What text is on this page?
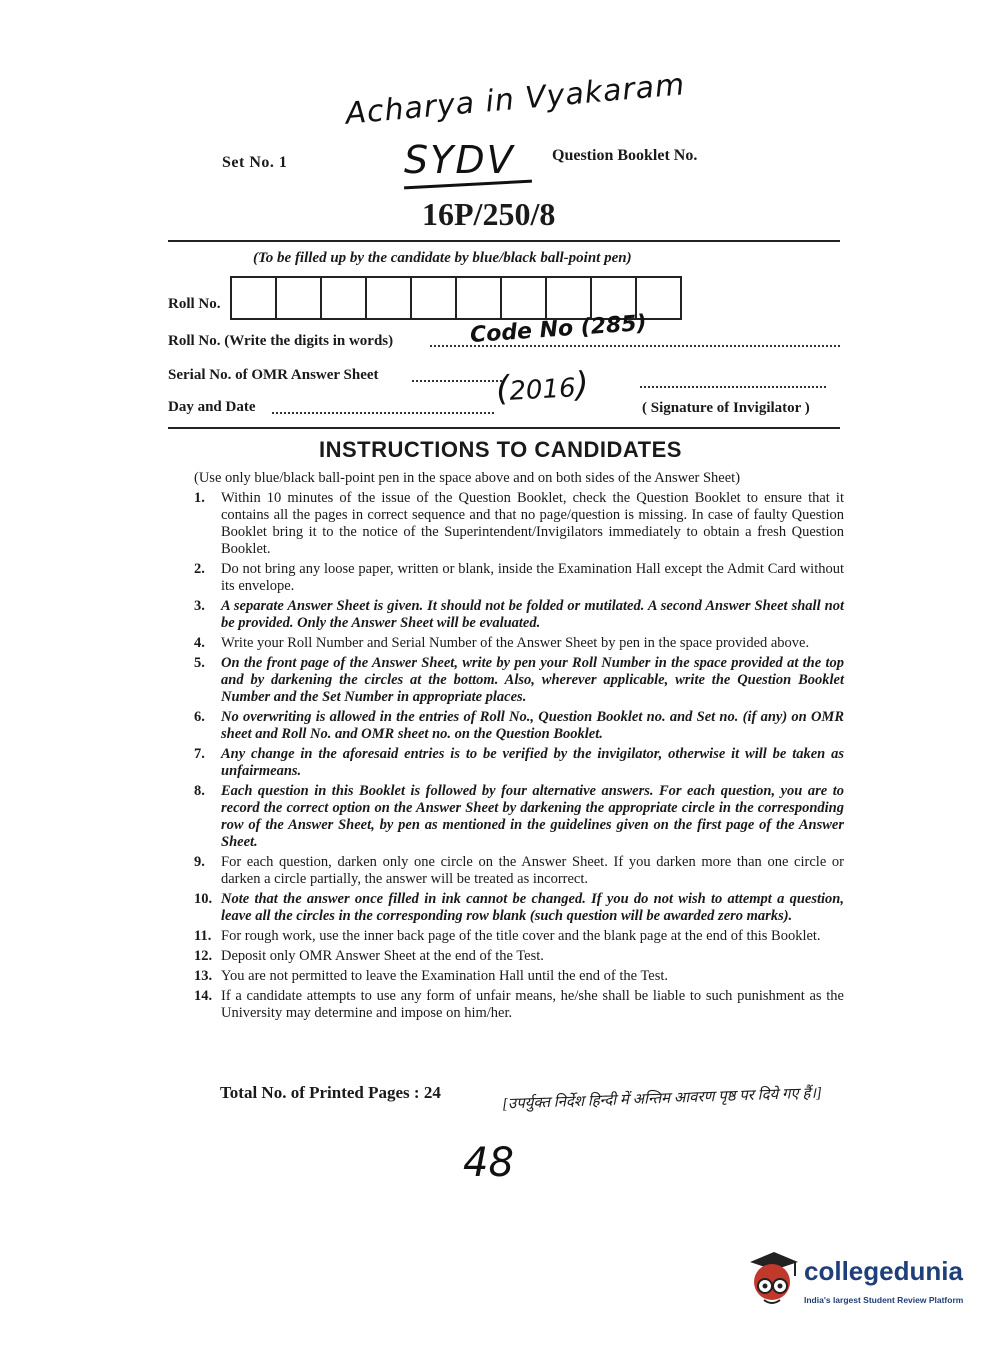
Acharya in Vyakaram
Set No. 1	SYDV Question Booklet No.
16P/250/8
(To be filled up by the candidate by blue/black ball-point pen)
Roll No.
Roll No. (Write the digits in words)	Code No (285)
Serial No. of OMR Answer Sheet	(2016)
Day and Date	( Signature of Invigilator )
INSTRUCTIONS TO CANDIDATES
(Use only blue/black ball-point pen in the space above and on both sides of the Answer Sheet)
1.	Within 10 minutes of the issue of the Question Booklet, check the Question Booklet to ensure that it contains all the pages in correct sequence and that no page/question is missing. In case of faulty Question Booklet bring it to the notice of the Superintendent/Invigilators immediately to obtain a fresh Question Booklet.
2.	Do not bring any loose paper, written or blank, inside the Examination Hall except the Admit Card without its envelope.
3.	A separate Answer Sheet is given. It should not be folded or mutilated. A second Answer Sheet shall not be provided. Only the Answer Sheet will be evaluated.
4.	Write your Roll Number and Serial Number of the Answer Sheet by pen in the space provided above.
5.	On the front page of the Answer Sheet, write by pen your Roll Number in the space provided at the top and by darkening the circles at the bottom. Also, wherever applicable, write the Question Booklet Number and the Set Number in appropriate places.
6.	No overwriting is allowed in the entries of Roll No., Question Booklet no. and Set no. (if any) on OMR sheet and Roll No. and OMR sheet no. on the Question Booklet.
7.	Any change in the aforesaid entries is to be verified by the invigilator, otherwise it will be taken as unfairmeans.
8.	Each question in this Booklet is followed by four alternative answers. For each question, you are to record the correct option on the Answer Sheet by darkening the appropriate circle in the corresponding row of the Answer Sheet, by pen as mentioned in the guidelines given on the first page of the Answer Sheet.
9.	For each question, darken only one circle on the Answer Sheet. If you darken more than one circle or darken a circle partially, the answer will be treated as incorrect.
10. Note that the answer once filled in ink cannot be changed. If you do not wish to attempt a question, leave all the circles in the corresponding row blank (such question will be awarded zero marks).
11. For rough work, use the inner back page of the title cover and the blank page at the end of this Booklet.
12. Deposit only OMR Answer Sheet at the end of the Test.
13. You are not permitted to leave the Examination Hall until the end of the Test.
14. If a candidate attempts to use any form of unfair means, he/she shall be liable to such punishment as the University may determine and impose on him/her.
Total No. of Printed Pages : 24	[उपर्युक्त निर्देश हिन्दी में अन्तिम आवरण पृष्ठ पर दिये गए हैं।]
48
collegedunia
India's largest Student Review Platform
